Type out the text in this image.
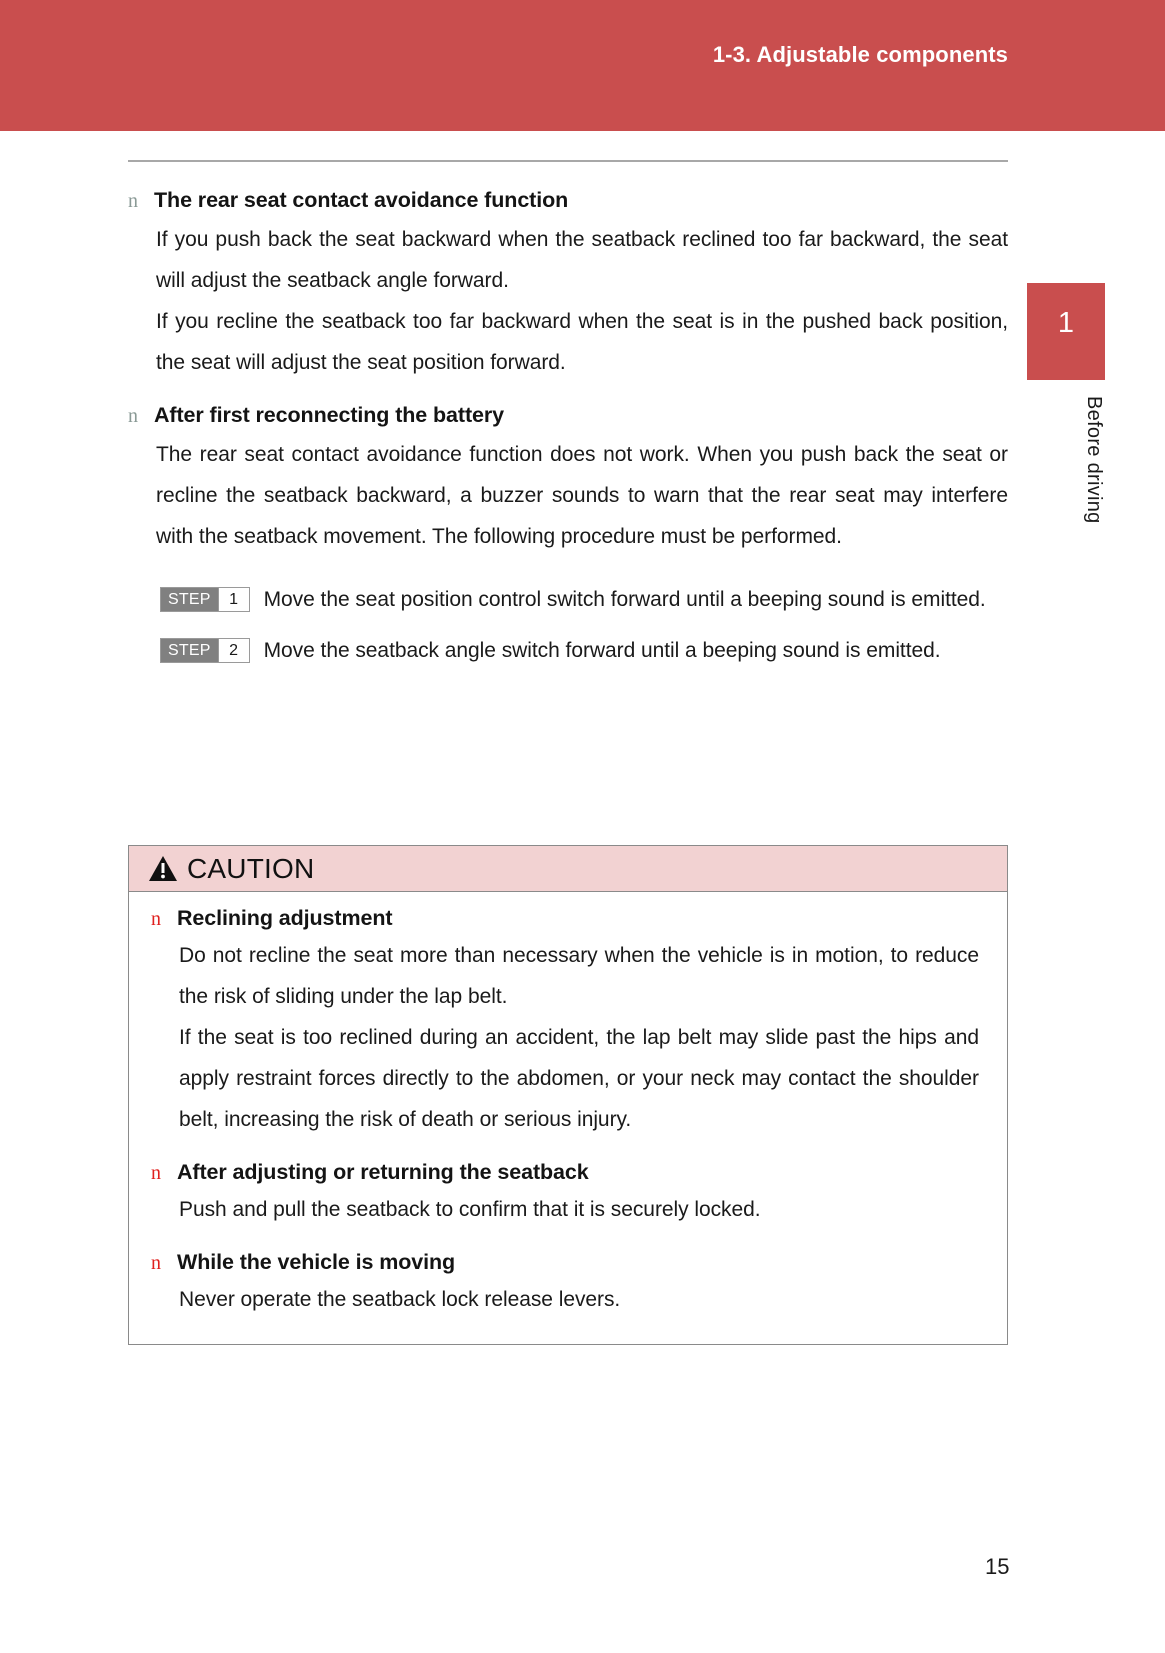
1-3. Adjustable components
1
Before driving
n The rear seat contact avoidance function
If you push back the seat backward when the seatback reclined too far backward, the seat will adjust the seatback angle forward.
If you recline the seatback too far backward when the seat is in the pushed back position, the seat will adjust the seat position forward.
n After first reconnecting the battery
The rear seat contact avoidance function does not work. When you push back the seat or recline the seatback backward, a buzzer sounds to warn that the rear seat may interfere with the seatback movement. The following procedure must be performed.
STEP	1	Move the seat position control switch forward until a beeping sound is emitted.
STEP	2	Move the seatback angle switch forward until a beeping sound is emitted.
CAUTION
n Reclining adjustment
Do not recline the seat more than necessary when the vehicle is in motion, to reduce the risk of sliding under the lap belt.
If the seat is too reclined during an accident, the lap belt may slide past the hips and apply restraint forces directly to the abdomen, or your neck may contact the shoulder belt, increasing the risk of death or serious injury.
n After adjusting or returning the seatback
Push and pull the seatback to confirm that it is securely locked.
n While the vehicle is moving
Never operate the seatback lock release levers.
15
